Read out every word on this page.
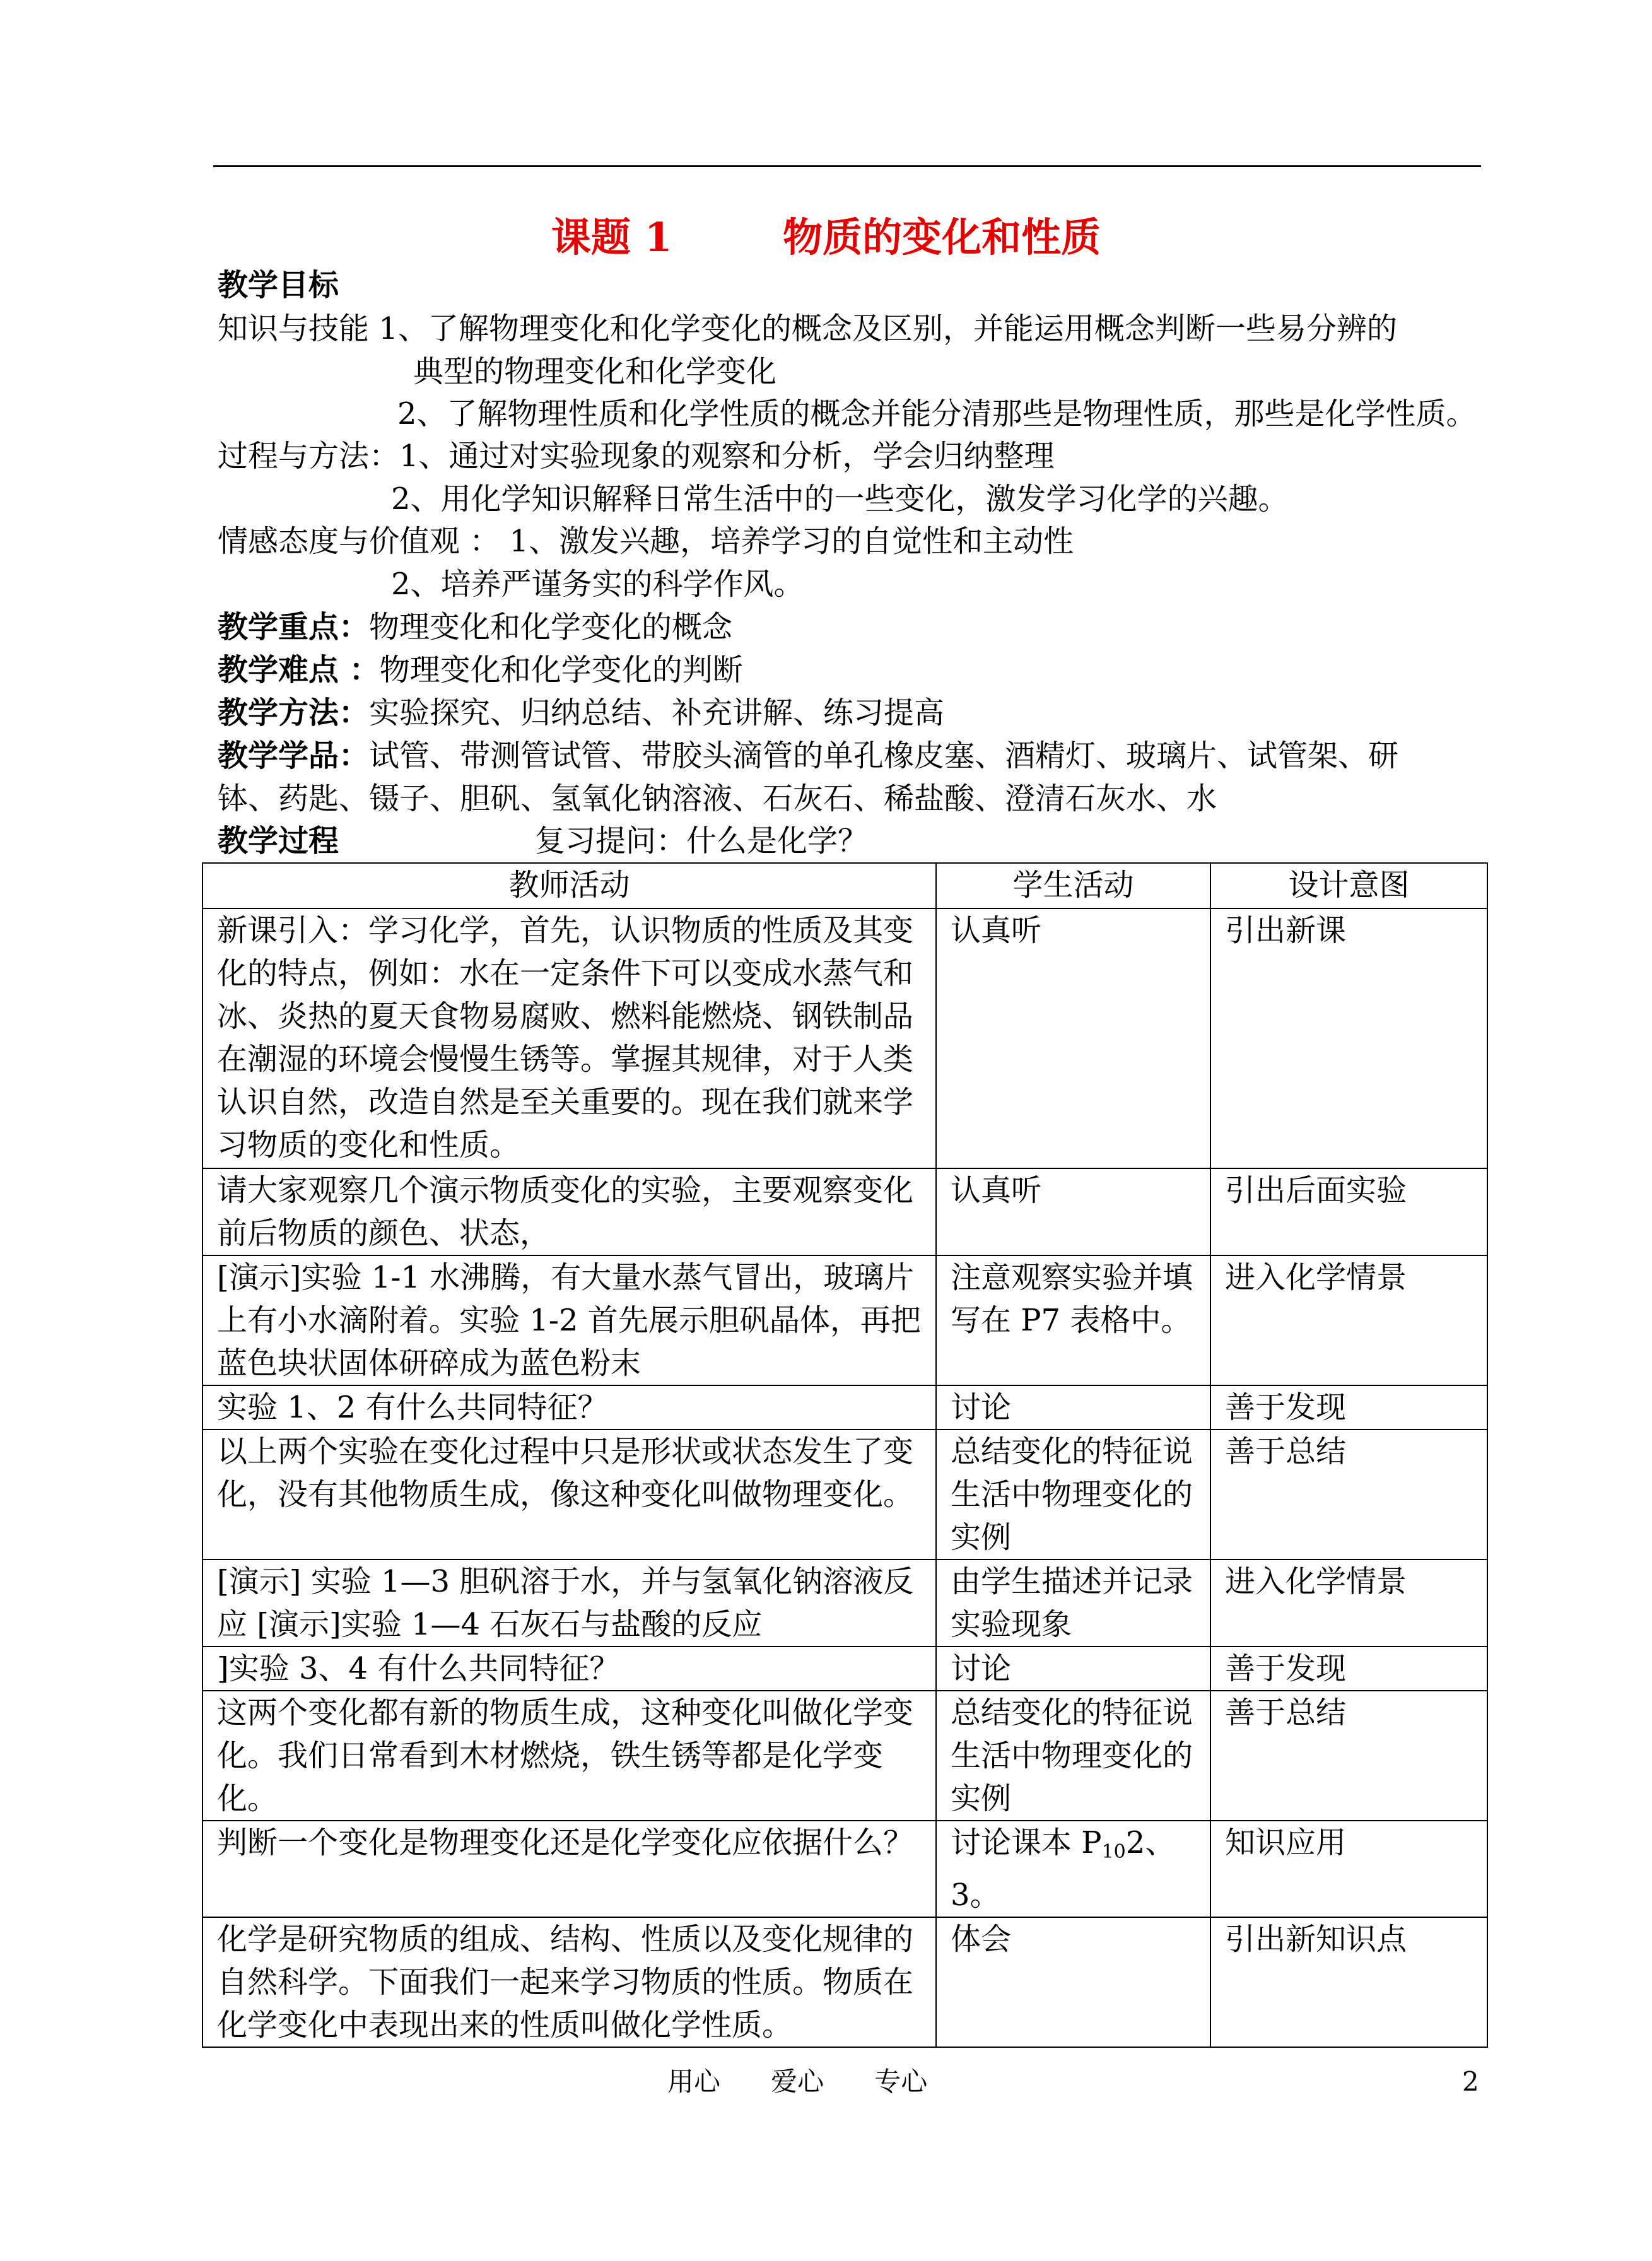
课题 1        物质的变化和性质
教学目标
知识与技能 1、了解物理变化和化学变化的概念及区别，并能运用概念判断一些易分辨的
典型的物理变化和化学变化
2、了解物理性质和化学性质的概念并能分清那些是物理性质，那些是化学性质。
过程与方法：1、通过对实验现象的观察和分析，学会归纳整理
2、用化学知识解释日常生活中的一些变化，激发学习化学的兴趣。
情感态度与价值观 ： 1、激发兴趣，培养学习的自觉性和主动性
2、培养严谨务实的科学作风。
教学重点：物理变化和化学变化的概念
教学难点 ：物理变化和化学变化的判断
教学方法：实验探究、归纳总结、补充讲解、练习提高
教学学品：试管、带测管试管、带胶头滴管的单孔橡皮塞、酒精灯、玻璃片、试管架、研
钵、药匙、镊子、胆矾、氢氧化钠溶液、石灰石、稀盐酸、澄清石灰水、水
教学过程	复习提问：什么是化学？
教师活动	学生活动	设计意图
新课引入：学习化学，首先，认识物质的性质及其变化的特点，例如：水在一定条件下可以变成水蒸气和冰、炎热的夏天食物易腐败、燃料能燃烧、钢铁制品在潮湿的环境会慢慢生锈等。掌握其规律，对于人类认识自然，改造自然是至关重要的。现在我们就来学习物质的变化和性质。	认真听	引出新课
请大家观察几个演示物质变化的实验，主要观察变化前后物质的颜色、状态，	认真听	引出后面实验
[演示]实验 1-1 水沸腾，有大量水蒸气冒出，玻璃片上有小水滴附着。实验 1-2 首先展示胆矾晶体，再把蓝色块状固体研碎成为蓝色粉末	注意观察实验并填写在 P7 表格中。	进入化学情景
实验 1、2 有什么共同特征？	讨论	善于发现
以上两个实验在变化过程中只是形状或状态发生了变化，没有其他物质生成，像这种变化叫做物理变化。	总结变化的特征说生活中物理变化的实例	善于总结
[演示] 实验 1—3 胆矾溶于水，并与氢氧化钠溶液反应 [演示]实验 1—4 石灰石与盐酸的反应	由学生描述并记录实验现象	进入化学情景
]实验 3、4 有什么共同特征？	讨论	善于发现
这两个变化都有新的物质生成，这种变化叫做化学变化。我们日常看到木材燃烧，铁生锈等都是化学变化。	总结变化的特征说生活中物理变化的实例	善于总结
判断一个变化是物理变化还是化学变化应依据什么？	讨论课本 $P_{10}2$、3。	知识应用
化学是研究物质的组成、结构、性质以及变化规律的自然科学。下面我们一起来学习物质的性质。物质在化学变化中表现出来的性质叫做化学性质。	体会	引出新知识点
用心      爱心      专心	2
